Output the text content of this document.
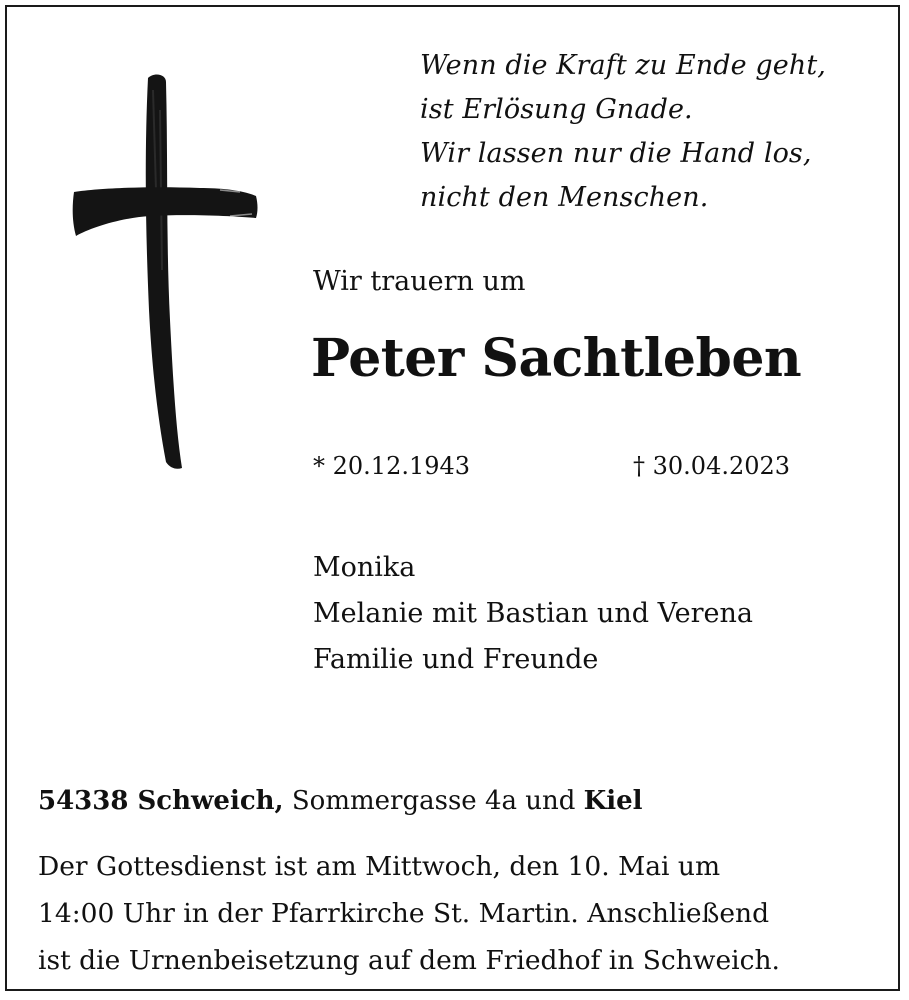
Wenn die Kraft zu Ende geht,
ist Erlösung Gnade.
Wir lassen nur die Hand los,
nicht den Menschen.
Wir trauern um
Peter Sachtleben
* 20.12.1943	† 30.04.2023
Monika
Melanie mit Bastian und Verena
Familie und Freunde
54338 Schweich, Sommergasse 4a und Kiel
Der Gottesdienst ist am Mittwoch, den 10. Mai um
14:00 Uhr in der Pfarrkirche St. Martin. Anschließend
ist die Urnenbeisetzung auf dem Friedhof in Schweich.
